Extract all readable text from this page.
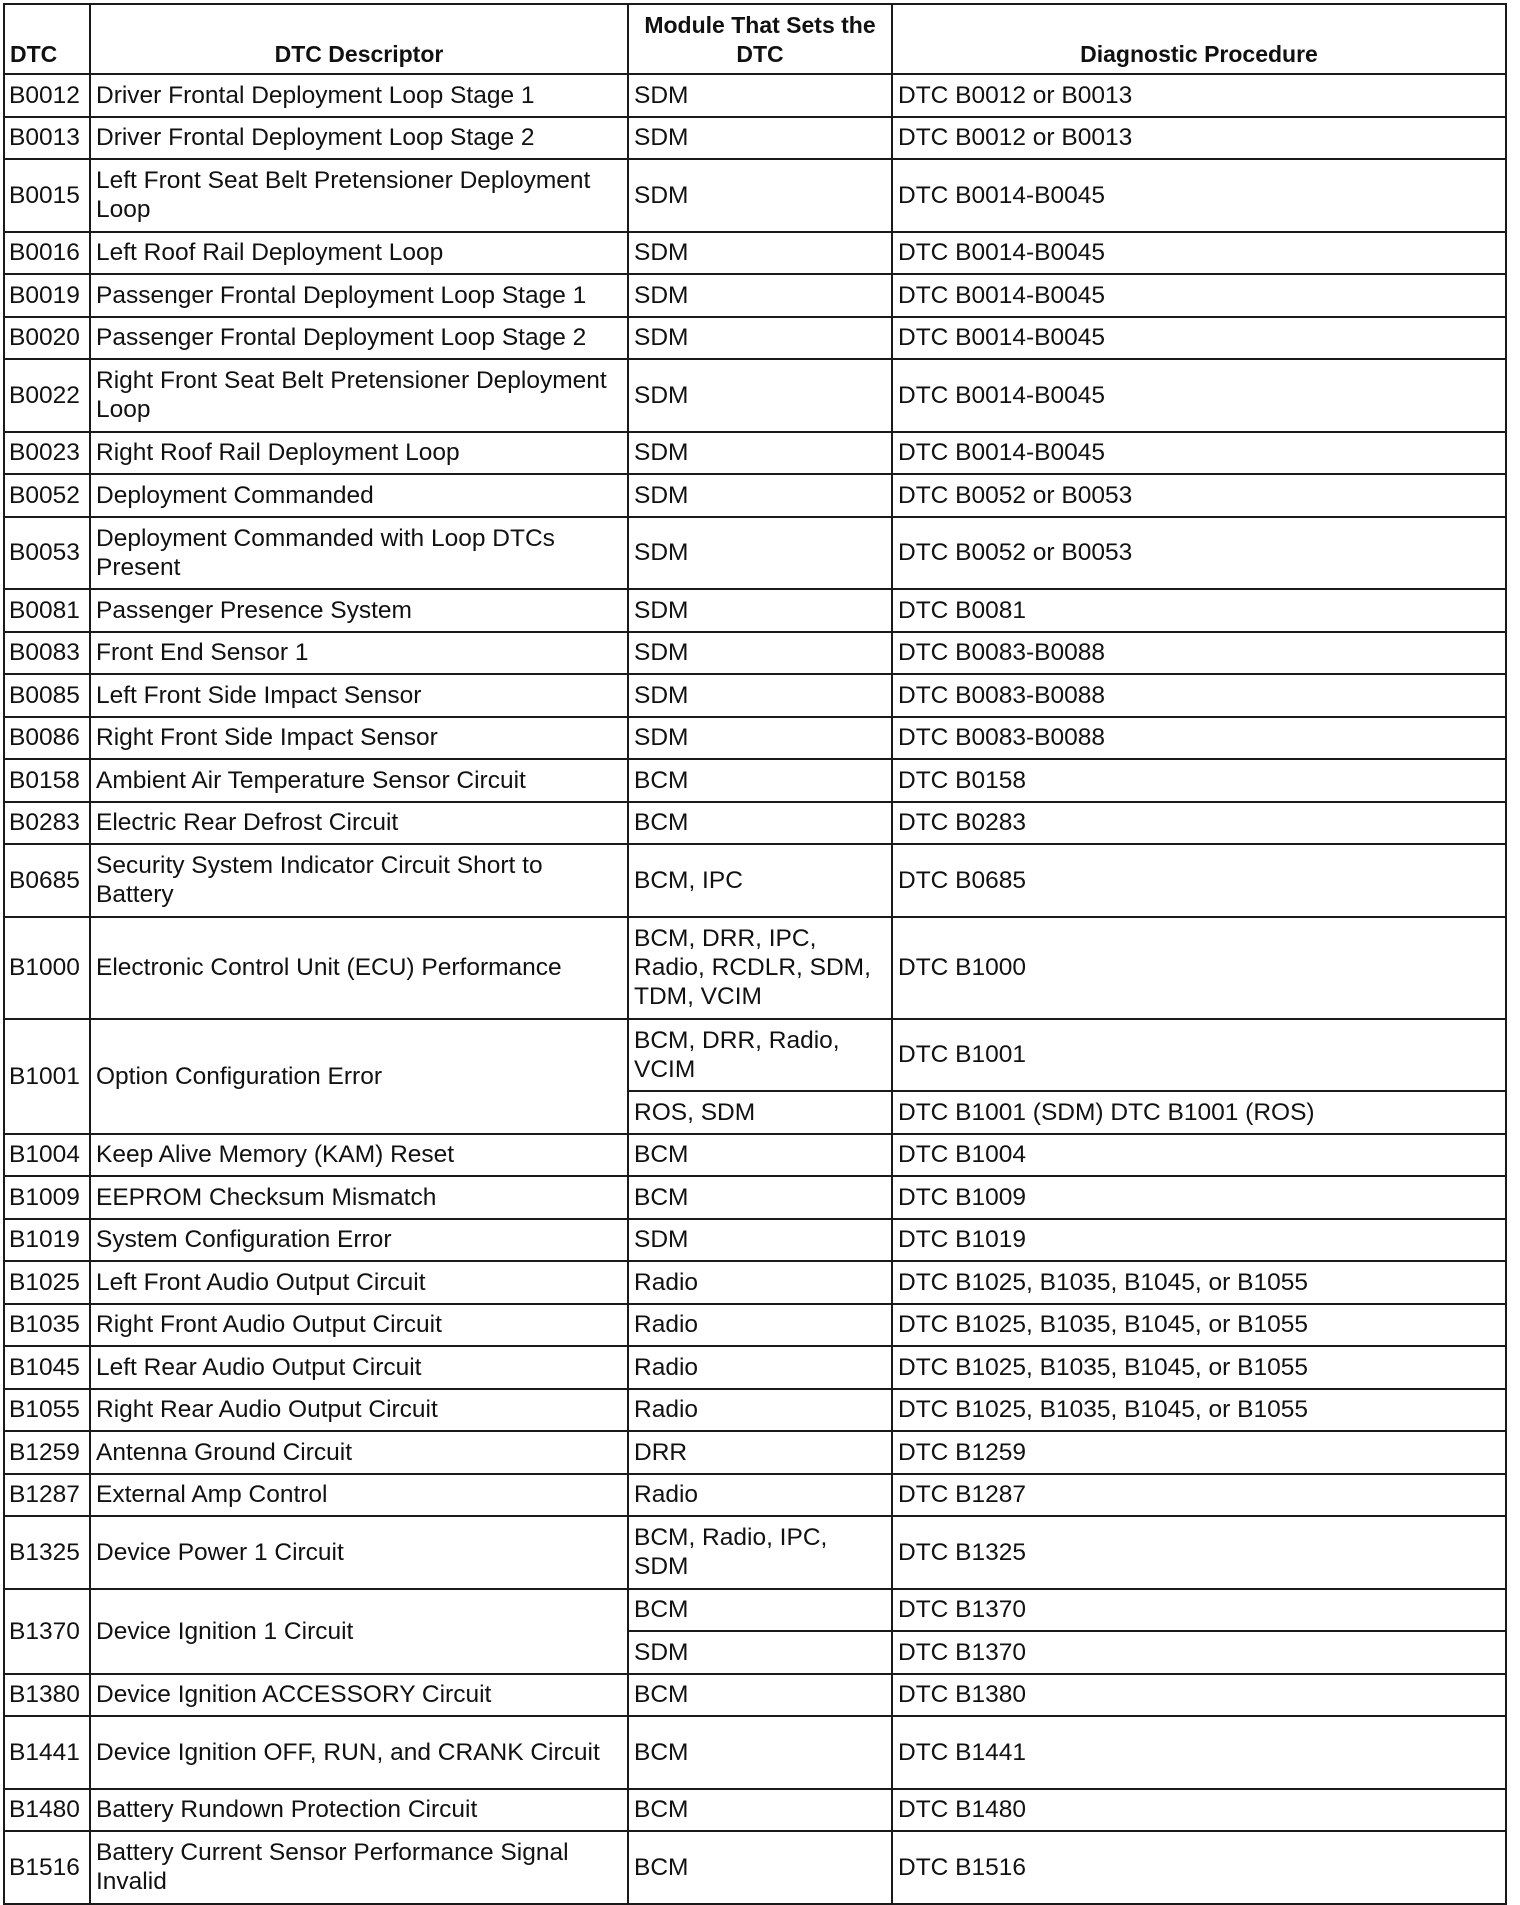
DTC	DTC Descriptor	Module That Sets the DTC	Diagnostic Procedure
B0012	Driver Frontal Deployment Loop Stage 1	SDM	DTC B0012 or B0013
B0013	Driver Frontal Deployment Loop Stage 2	SDM	DTC B0012 or B0013
B0015	Left Front Seat Belt Pretensioner Deployment Loop	SDM	DTC B0014-B0045
B0016	Left Roof Rail Deployment Loop	SDM	DTC B0014-B0045
B0019	Passenger Frontal Deployment Loop Stage 1	SDM	DTC B0014-B0045
B0020	Passenger Frontal Deployment Loop Stage 2	SDM	DTC B0014-B0045
B0022	Right Front Seat Belt Pretensioner Deployment Loop	SDM	DTC B0014-B0045
B0023	Right Roof Rail Deployment Loop	SDM	DTC B0014-B0045
B0052	Deployment Commanded	SDM	DTC B0052 or B0053
B0053	Deployment Commanded with Loop DTCs Present	SDM	DTC B0052 or B0053
B0081	Passenger Presence System	SDM	DTC B0081
B0083	Front End Sensor 1	SDM	DTC B0083-B0088
B0085	Left Front Side Impact Sensor	SDM	DTC B0083-B0088
B0086	Right Front Side Impact Sensor	SDM	DTC B0083-B0088
B0158	Ambient Air Temperature Sensor Circuit	BCM	DTC B0158
B0283	Electric Rear Defrost Circuit	BCM	DTC B0283
B0685	Security System Indicator Circuit Short to Battery	BCM, IPC	DTC B0685
B1000	Electronic Control Unit (ECU) Performance	BCM, DRR, IPC, Radio, RCDLR, SDM, TDM, VCIM	DTC B1000
B1001	Option Configuration Error	BCM, DRR, Radio, VCIM	DTC B1001
		ROS, SDM	DTC B1001 (SDM) DTC B1001 (ROS)
B1004	Keep Alive Memory (KAM) Reset	BCM	DTC B1004
B1009	EEPROM Checksum Mismatch	BCM	DTC B1009
B1019	System Configuration Error	SDM	DTC B1019
B1025	Left Front Audio Output Circuit	Radio	DTC B1025, B1035, B1045, or B1055
B1035	Right Front Audio Output Circuit	Radio	DTC B1025, B1035, B1045, or B1055
B1045	Left Rear Audio Output Circuit	Radio	DTC B1025, B1035, B1045, or B1055
B1055	Right Rear Audio Output Circuit	Radio	DTC B1025, B1035, B1045, or B1055
B1259	Antenna Ground Circuit	DRR	DTC B1259
B1287	External Amp Control	Radio	DTC B1287
B1325	Device Power 1 Circuit	BCM, Radio, IPC, SDM	DTC B1325
B1370	Device Ignition 1 Circuit	BCM	DTC B1370
		SDM	DTC B1370
B1380	Device Ignition ACCESSORY Circuit	BCM	DTC B1380
B1441	Device Ignition OFF, RUN, and CRANK Circuit	BCM	DTC B1441
B1480	Battery Rundown Protection Circuit	BCM	DTC B1480
B1516	Battery Current Sensor Performance Signal Invalid	BCM	DTC B1516
